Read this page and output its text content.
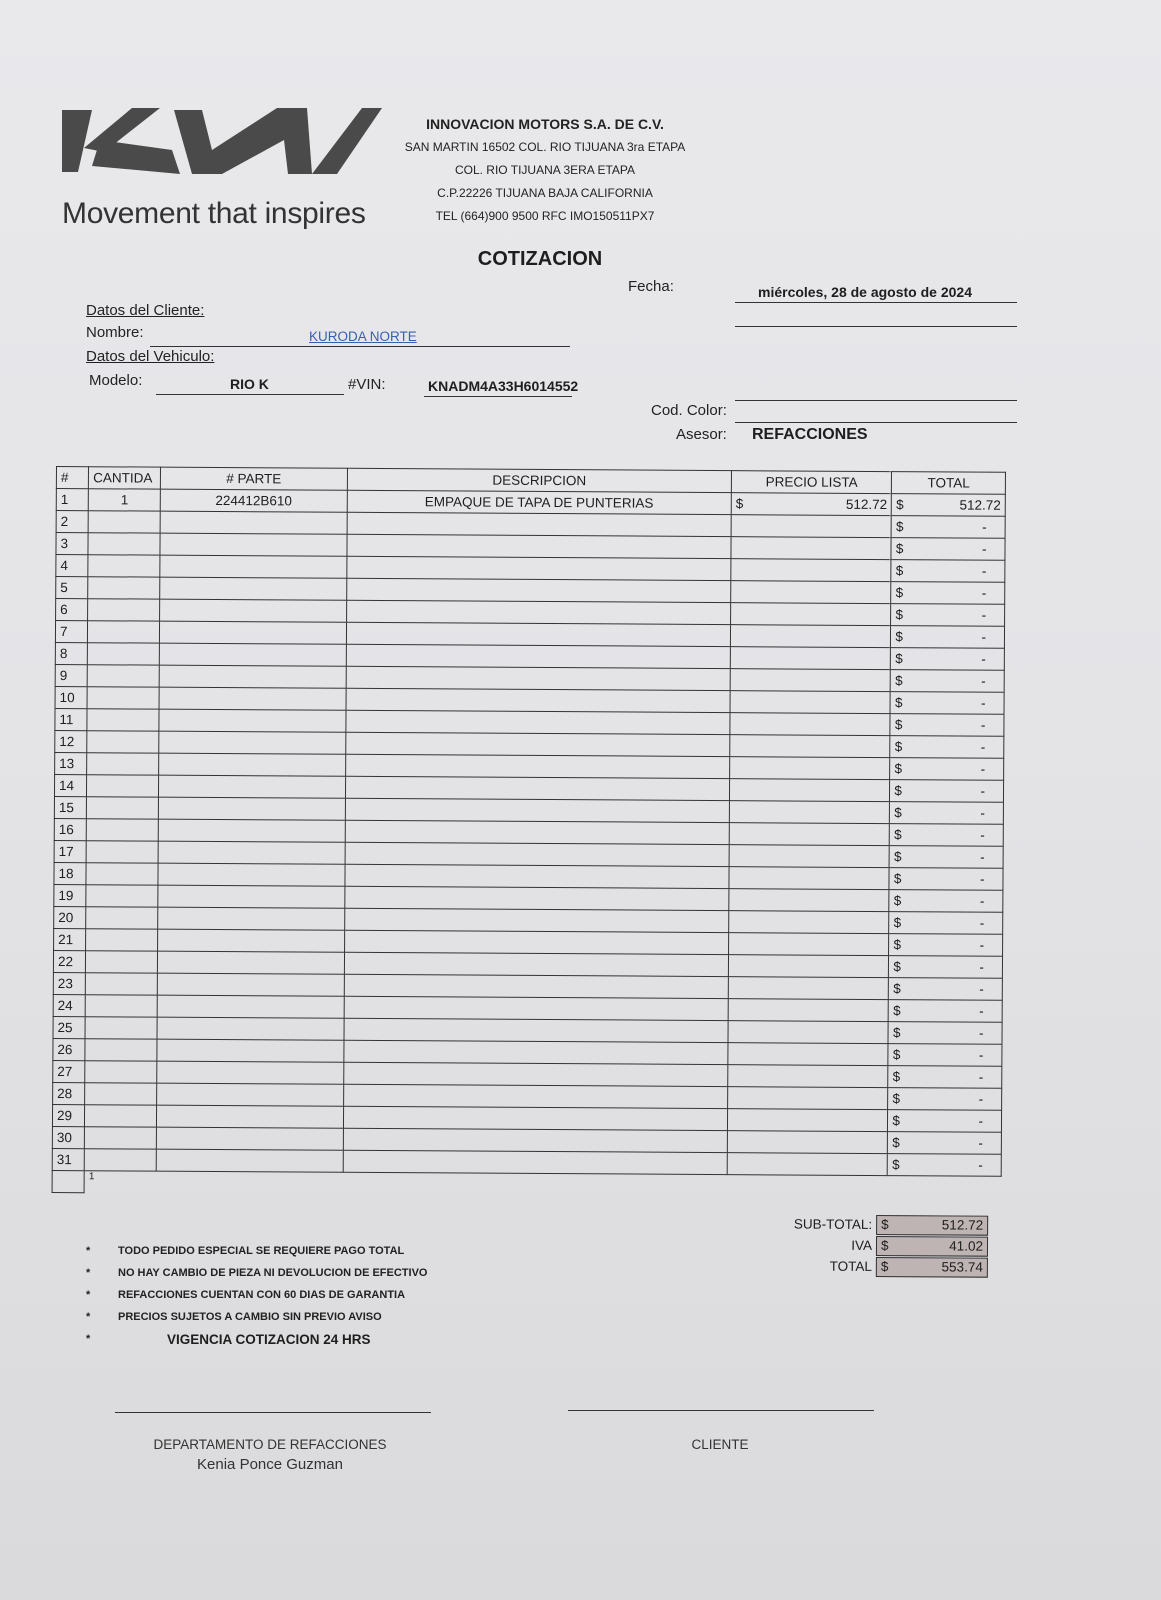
Movement that inspires
INNOVACION MOTORS S.A. DE C.V.
SAN MARTIN 16502 COL. RIO TIJUANA 3ra ETAPA
COL. RIO TIJUANA 3ERA ETAPA
C.P.22226 TIJUANA BAJA CALIFORNIA
TEL (664)900 9500 RFC IMO150511PX7
COTIZACION
Fecha:	miércoles, 28 de agosto de 2024
Datos del Cliente:
Nombre:	KURODA NORTE
Datos del Vehiculo:
Modelo:	RIO K	#VIN:	KNADM4A33H6014552
Cod. Color:
Asesor: REFACCIONES
#	CANTIDA	# PARTE	DESCRIPCION	PRECIO LISTA	TOTAL
1	1	224412B610	EMPAQUE DE TAPA DE PUNTERIAS	$ 512.72	$ 512.72

2					$ -

3					$ -

4					$ -

5					$ -

6					$ -

7					$ -

8					$ -

9					$ -

10					$ -

11					$ -

12					$ -

13					$ -

14					$ -

15					$ -

16					$ -

17					$ -

18					$ -

19					$ -

20					$ -

21					$ -

22					$ -

23					$ -

24					$ -

25					$ -

26					$ -

27					$ -

28					$ -

29					$ -

30					$ -

31					$ -

	1				
SUB-TOTAL: $	512.72
IVA $	41.02
TOTAL $	553.74
*	TODO PEDIDO ESPECIAL SE REQUIERE PAGO TOTAL
*	NO HAY CAMBIO DE PIEZA NI DEVOLUCION DE EFECTIVO
*	REFACCIONES CUENTAN CON 60 DIAS DE GARANTIA
*	PRECIOS SUJETOS A CAMBIO SIN PREVIO AVISO
*	VIGENCIA COTIZACION 24 HRS
DEPARTAMENTO DE REFACCIONES
Kenia Ponce Guzman
CLIENTE
